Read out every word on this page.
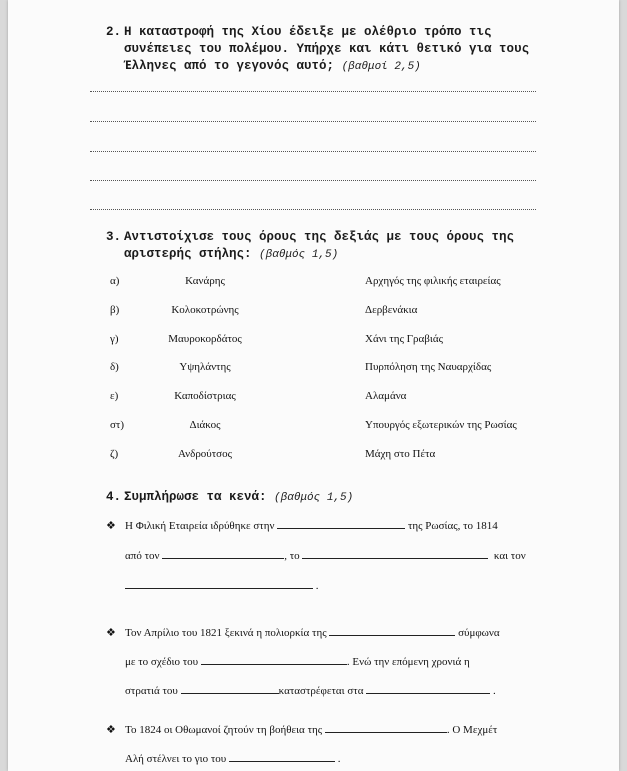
2. Η καταστροφή της Χίου έδειξε με ολέθριο τρόπο τις
συνέπειες του πολέμου. Υπήρχε και κάτι θετικό για τους
Έλληνες από το γεγονός αυτό; (βαθμοί 2,5)
3. Αντιστοίχισε τους όρους της δεξιάς με τους όρους της
αριστερής στήλης: (βαθμός 1,5)
α)	Κανάρης	Αρχηγός της φιλικής εταιρείας
β)	Κολοκοτρώνης	Δερβενάκια
γ)	Μαυροκορδάτος	Χάνι της Γραβιάς
δ)	Υψηλάντης	Πυρπόληση της Ναυαρχίδας
ε)	Καποδίστριας	Αλαμάνα
στ)	Διάκος	Υπουργός εξωτερικών της Ρωσίας
ζ)	Ανδρούτσος	Μάχη στο Πέτα
4. Συμπλήρωσε τα κενά: (βαθμός 1,5)
❖ Η Φιλική Εταιρεία ιδρύθηκε στην	της Ρωσίας, το 1814
από τον	, το	και τον
.
❖ Τον Απρίλιο του 1821 ξεκινά η πολιορκία της	σύμφωνα
με το σχέδιο του	. Ενώ την επόμενη χρονιά η
στρατιά του	καταστρέφεται στα	.
❖ Το 1824 οι Οθωμανοί ζητούν τη βοήθεια της	. Ο Μεχμέτ
Αλή στέλνει το γιο του	.
